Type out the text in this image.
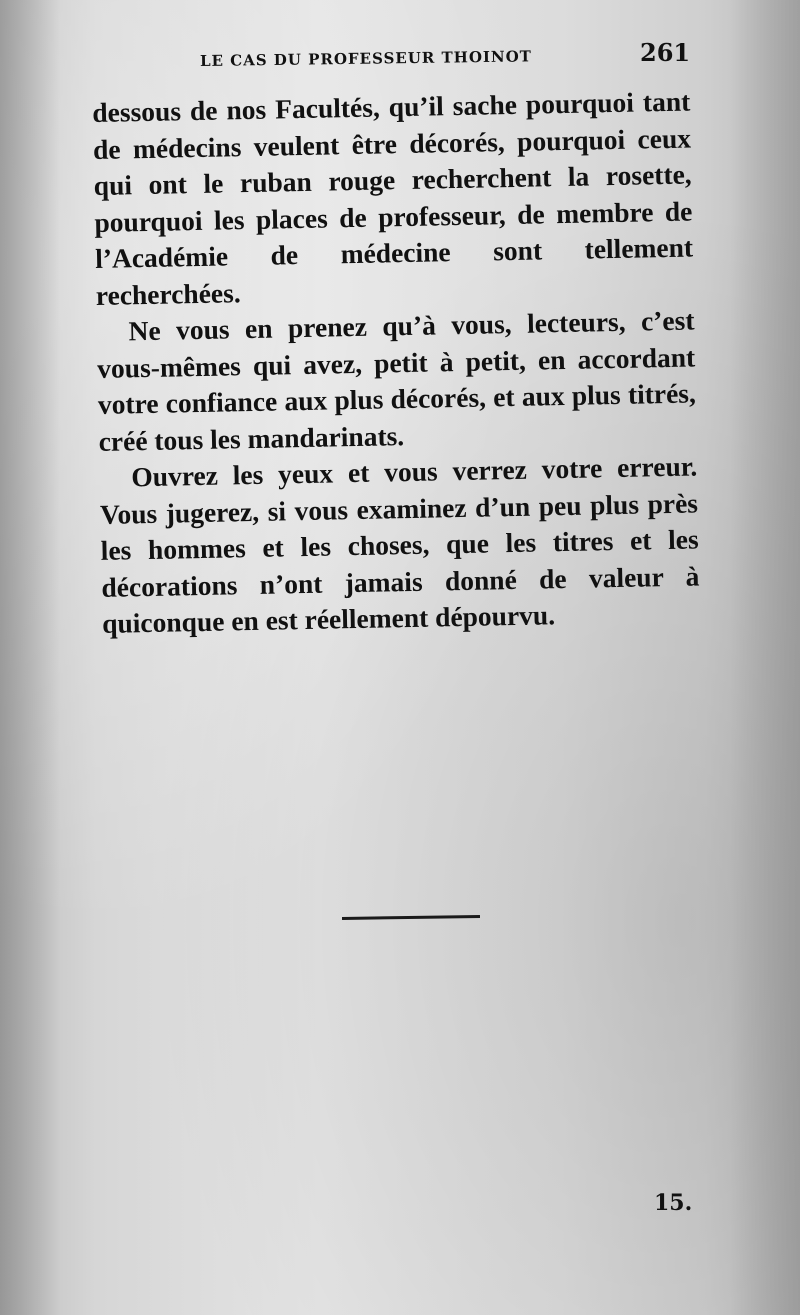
LE CAS DU PROFESSEUR THOINOT	261

dessous de nos Facultés, qu’il sache pourquoi tant de médecins veulent être décorés, pourquoi ceux qui ont le ruban rouge recherchent la rosette, pourquoi les places de professeur, de membre de l’Académie de médecine sont tellement recherchées.

Ne vous en prenez qu’à vous, lecteurs, c’est vous-mêmes qui avez, petit à petit, en accordant votre confiance aux plus décorés, et aux plus titrés, créé tous les mandarinats.

Ouvrez les yeux et vous verrez votre erreur. Vous jugerez, si vous examinez d’un peu plus près les hommes et les choses, que les titres et les décorations n’ont jamais donné de valeur à quiconque en est réellement dépourvu.

15.
